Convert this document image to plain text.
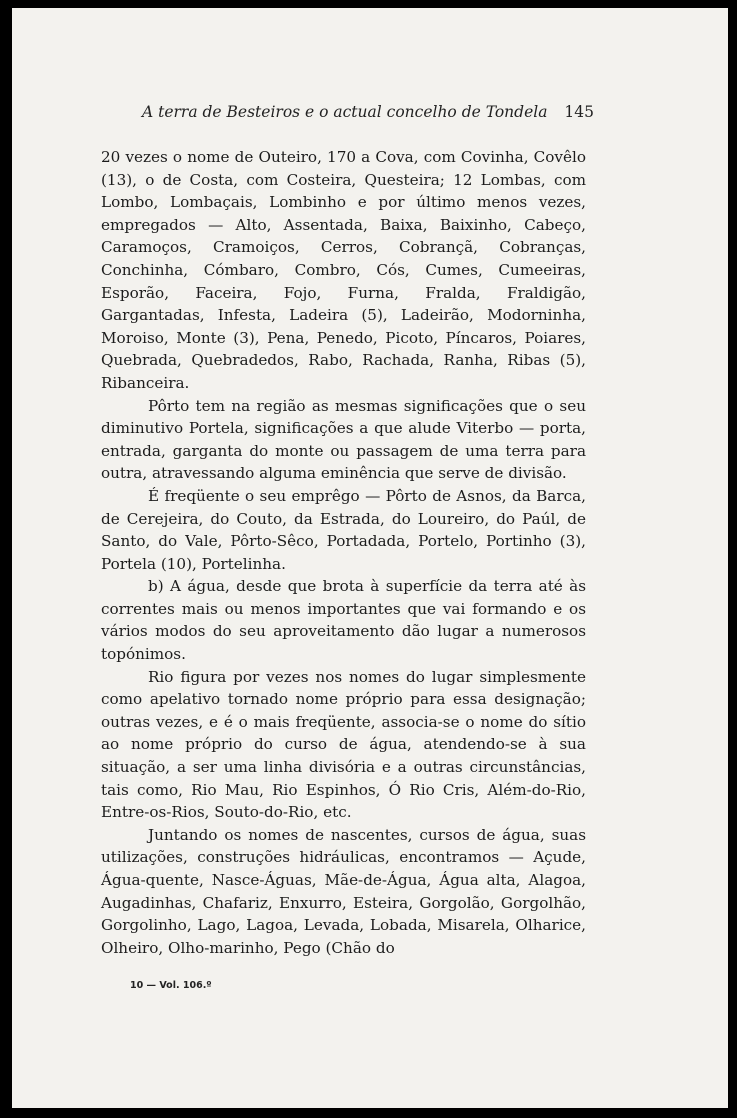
A terra de Besteiros e o actual concelho de Tondela 145

20 vezes o nome de Outeiro, 170 a Cova, com Covinha, Covêlo (13), o de Costa, com Costeira, Questeira; 12 Lombas, com Lombo, Lombaçais, Lombinho e por último menos vezes, empregados — Alto, Assentada, Baixa, Baixinho, Cabeço, Caramoços, Cramoiços, Cerros, Cobrançã, Cobranças, Conchinha, Cómbaro, Combro, Cós, Cumes, Cumeeiras, Esporão, Faceira, Fojo, Furna, Fralda, Fraldigão, Gargantadas, Infesta, Ladeira (5), Ladeirão, Modorninha, Moroiso, Monte (3), Pena, Penedo, Picoto, Píncaros, Poiares, Quebrada, Quebradedos, Rabo, Rachada, Ranha, Ribas (5), Ribanceira.

Pôrto tem na região as mesmas significações que o seu diminutivo Portela, significações a que alude Viterbo — porta, entrada, garganta do monte ou passagem de uma terra para outra, atravessando alguma eminência que serve de divisão.

É freqüente o seu emprêgo — Pôrto de Asnos, da Barca, de Cerejeira, do Couto, da Estrada, do Loureiro, do Paúl, de Santo, do Vale, Pôrto-Sêco, Portadada, Portelo, Portinho (3), Portela (10), Portelinha.

b) A água, desde que brota à superfície da terra até às correntes mais ou menos importantes que vai formando e os vários modos do seu aproveitamento dão lugar a numerosos topónimos.

Rio figura por vezes nos nomes do lugar simplesmente como apelativo tornado nome próprio para essa designação; outras vezes, e é o mais freqüente, associa-se o nome do sítio ao nome próprio do curso de água, atendendo-se à sua situação, a ser uma linha divisória e a outras circunstâncias, tais como, Rio Mau, Rio Espinhos, Ó Rio Cris, Além-do-Rio, Entre-os-Rios, Souto-do-Rio, etc.

Juntando os nomes de nascentes, cursos de água, suas utilizações, construções hidráulicas, encontramos — Açude, Água-quente, Nasce-Águas, Mãe-de-Água, Água alta, Alagoa, Augadinhas, Chafariz, Enxurro, Esteira, Gorgolão, Gorgolhão, Gorgolinho, Lago, Lagoa, Levada, Lobada, Misarela, Olharice, Olheiro, Olho-marinho, Pego (Chão do

10 — Vol. 106.º
